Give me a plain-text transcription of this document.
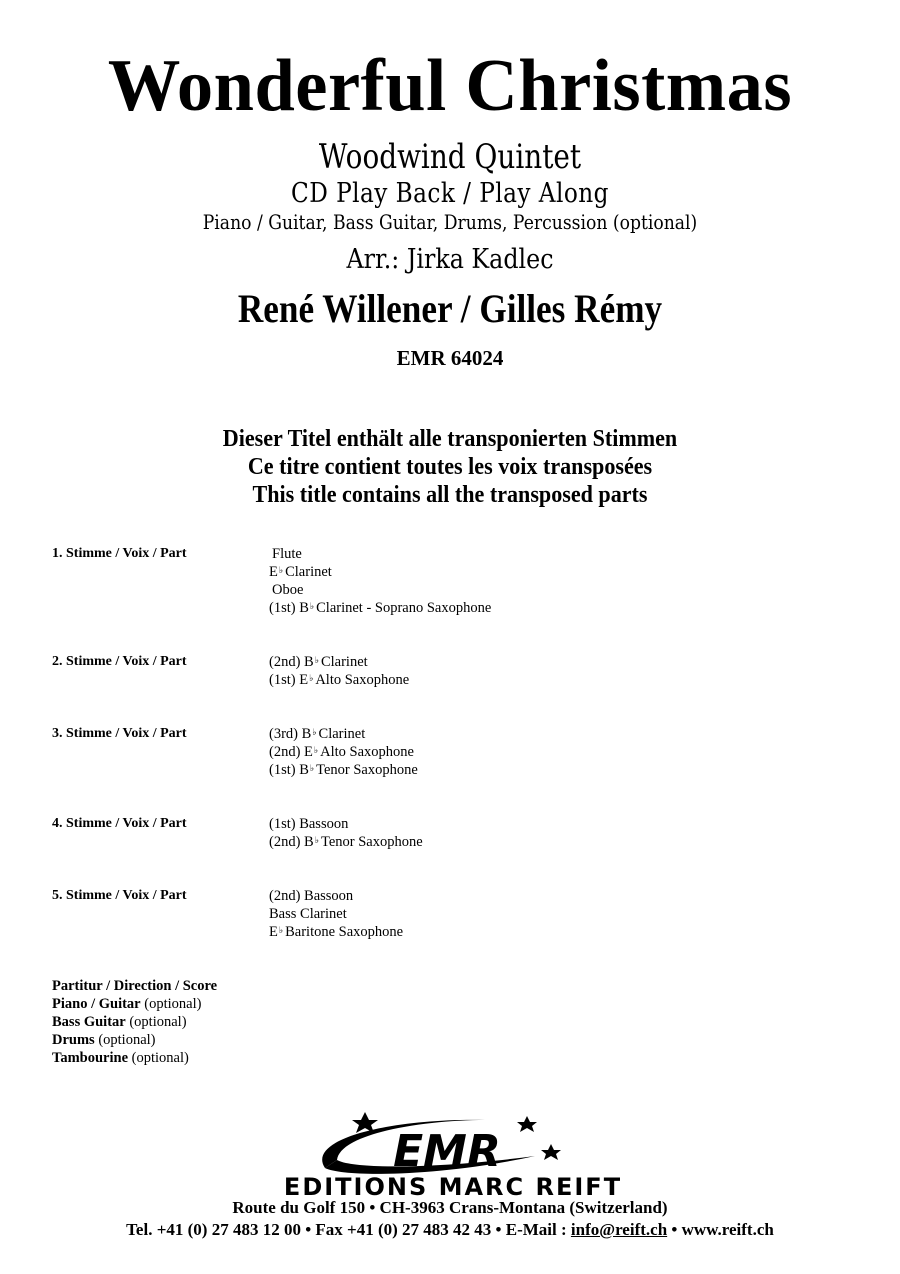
Wonderful Christmas
Woodwind Quintet
CD Play Back / Play Along
Piano / Guitar, Bass Guitar, Drums, Percussion (optional)
Arr.: Jirka Kadlec
René Willener / Gilles Rémy
EMR 64024
Dieser Titel enthält alle transponierten Stimmen
Ce titre contient toutes les voix transposées
This title contains all the transposed parts
1. Stimme / Voix / Part	Flute
E♭ Clarinet
Oboe
(1st) B♭ Clarinet - Soprano Saxophone
2. Stimme / Voix / Part	(2nd) B♭ Clarinet
(1st) E♭ Alto Saxophone
3. Stimme / Voix / Part	(3rd) B♭ Clarinet
(2nd) E♭ Alto Saxophone
(1st) B♭ Tenor Saxophone
4. Stimme / Voix / Part	(1st) Bassoon
(2nd) B♭ Tenor Saxophone
5. Stimme / Voix / Part	(2nd) Bassoon
Bass Clarinet
E♭ Baritone Saxophone
Partitur / Direction / Score
Piano / Guitar (optional)
Bass Guitar (optional)
Drums (optional)
Tambourine (optional)
EMR
EDITIONS MARC REIFT
Route du Golf 150 • CH-3963 Crans-Montana (Switzerland)
Tel. +41 (0) 27 483 12 00 • Fax +41 (0) 27 483 42 43 • E-Mail : info@reift.ch • www.reift.ch
